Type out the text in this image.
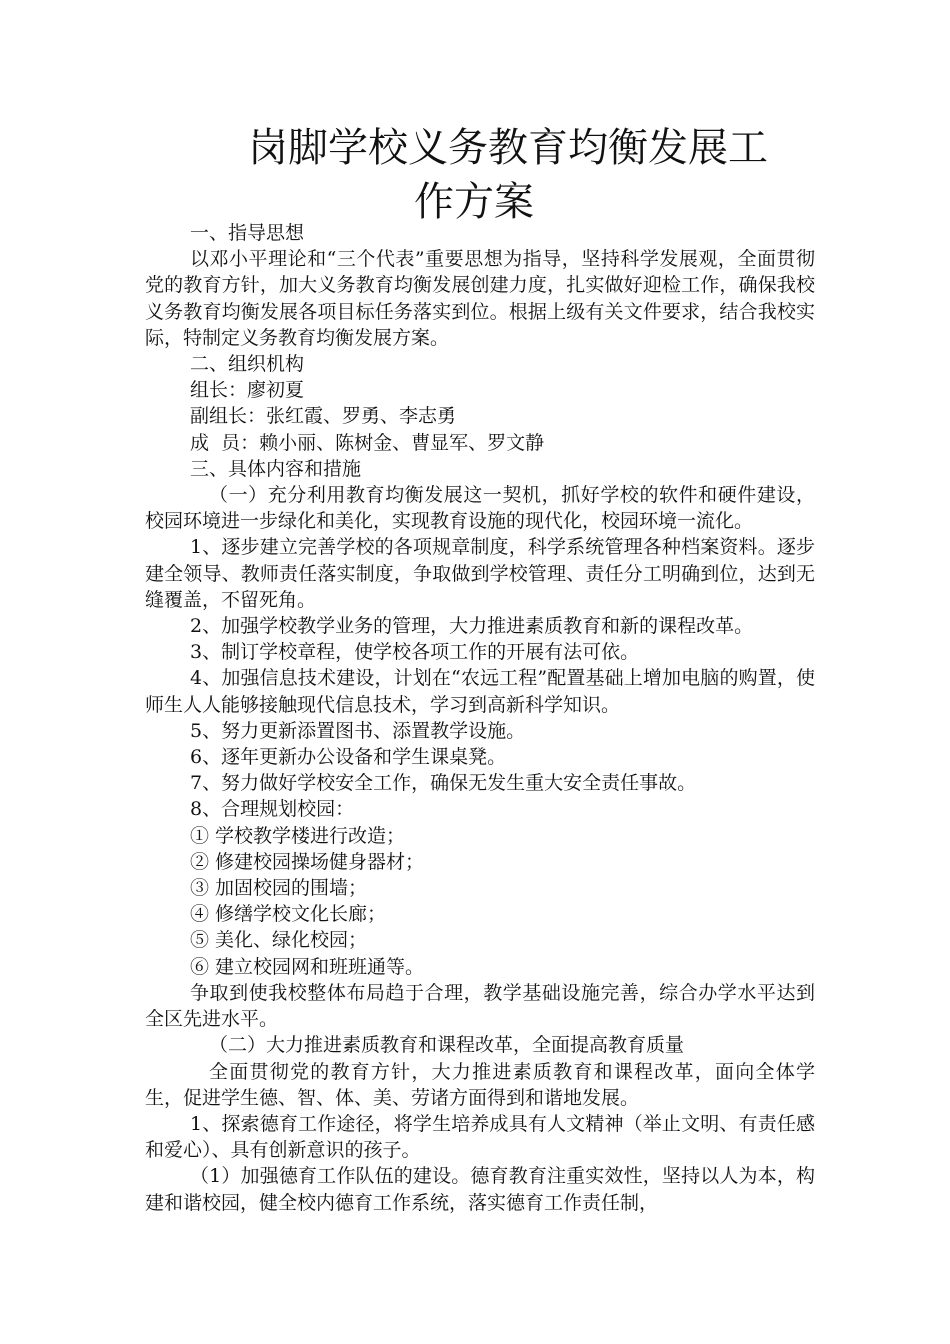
岗脚学校义务教育均衡发展工
作方案

一、指导思想

以邓小平理论和“三个代表”重要思想为指导，坚持科学发展观，全面贯彻党的教育方针，加大义务教育均衡发展创建力度，扎实做好迎检工作，确保我校义务教育均衡发展各项目标任务落实到位。根据上级有关文件要求，结合我校实际，特制定义务教育均衡发展方案。

二、组织机构

组长：廖初夏

副组长：张红霞、罗勇、李志勇

成  员：赖小丽、陈树金、曹显军、罗文静

三、具体内容和措施

（一）充分利用教育均衡发展这一契机，抓好学校的软件和硬件建设，校园环境进一步绿化和美化，实现教育设施的现代化，校园环境一流化。

1、逐步建立完善学校的各项规章制度，科学系统管理各种档案资料。逐步建全领导、教师责任落实制度，争取做到学校管理、责任分工明确到位，达到无缝覆盖，不留死角。

2、加强学校教学业务的管理，大力推进素质教育和新的课程改革。

3、制订学校章程，使学校各项工作的开展有法可依。

4、加强信息技术建设，计划在“农远工程”配置基础上增加电脑的购置，使师生人人能够接触现代信息技术，学习到高新科学知识。

5、努力更新添置图书、添置教学设施。

6、逐年更新办公设备和学生课桌凳。

7、努力做好学校安全工作，确保无发生重大安全责任事故。

8、合理规划校园：

① 学校教学楼进行改造；

② 修建校园操场健身器材；

③ 加固校园的围墙；

④ 修缮学校文化长廊；

⑤ 美化、绿化校园；

⑥ 建立校园网和班班通等。

争取到使我校整体布局趋于合理，教学基础设施完善，综合办学水平达到全区先进水平。

（二）大力推进素质教育和课程改革，全面提高教育质量

全面贯彻党的教育方针，大力推进素质教育和课程改革，面向全体学生，促进学生德、智、体、美、劳诸方面得到和谐地发展。

1、探索德育工作途径，将学生培养成具有人文精神（举止文明、有责任感和爱心）、具有创新意识的孩子。

（1）加强德育工作队伍的建设。德育教育注重实效性，坚持以人为本，构建和谐校园，健全校内德育工作系统，落实德育工作责任制，
